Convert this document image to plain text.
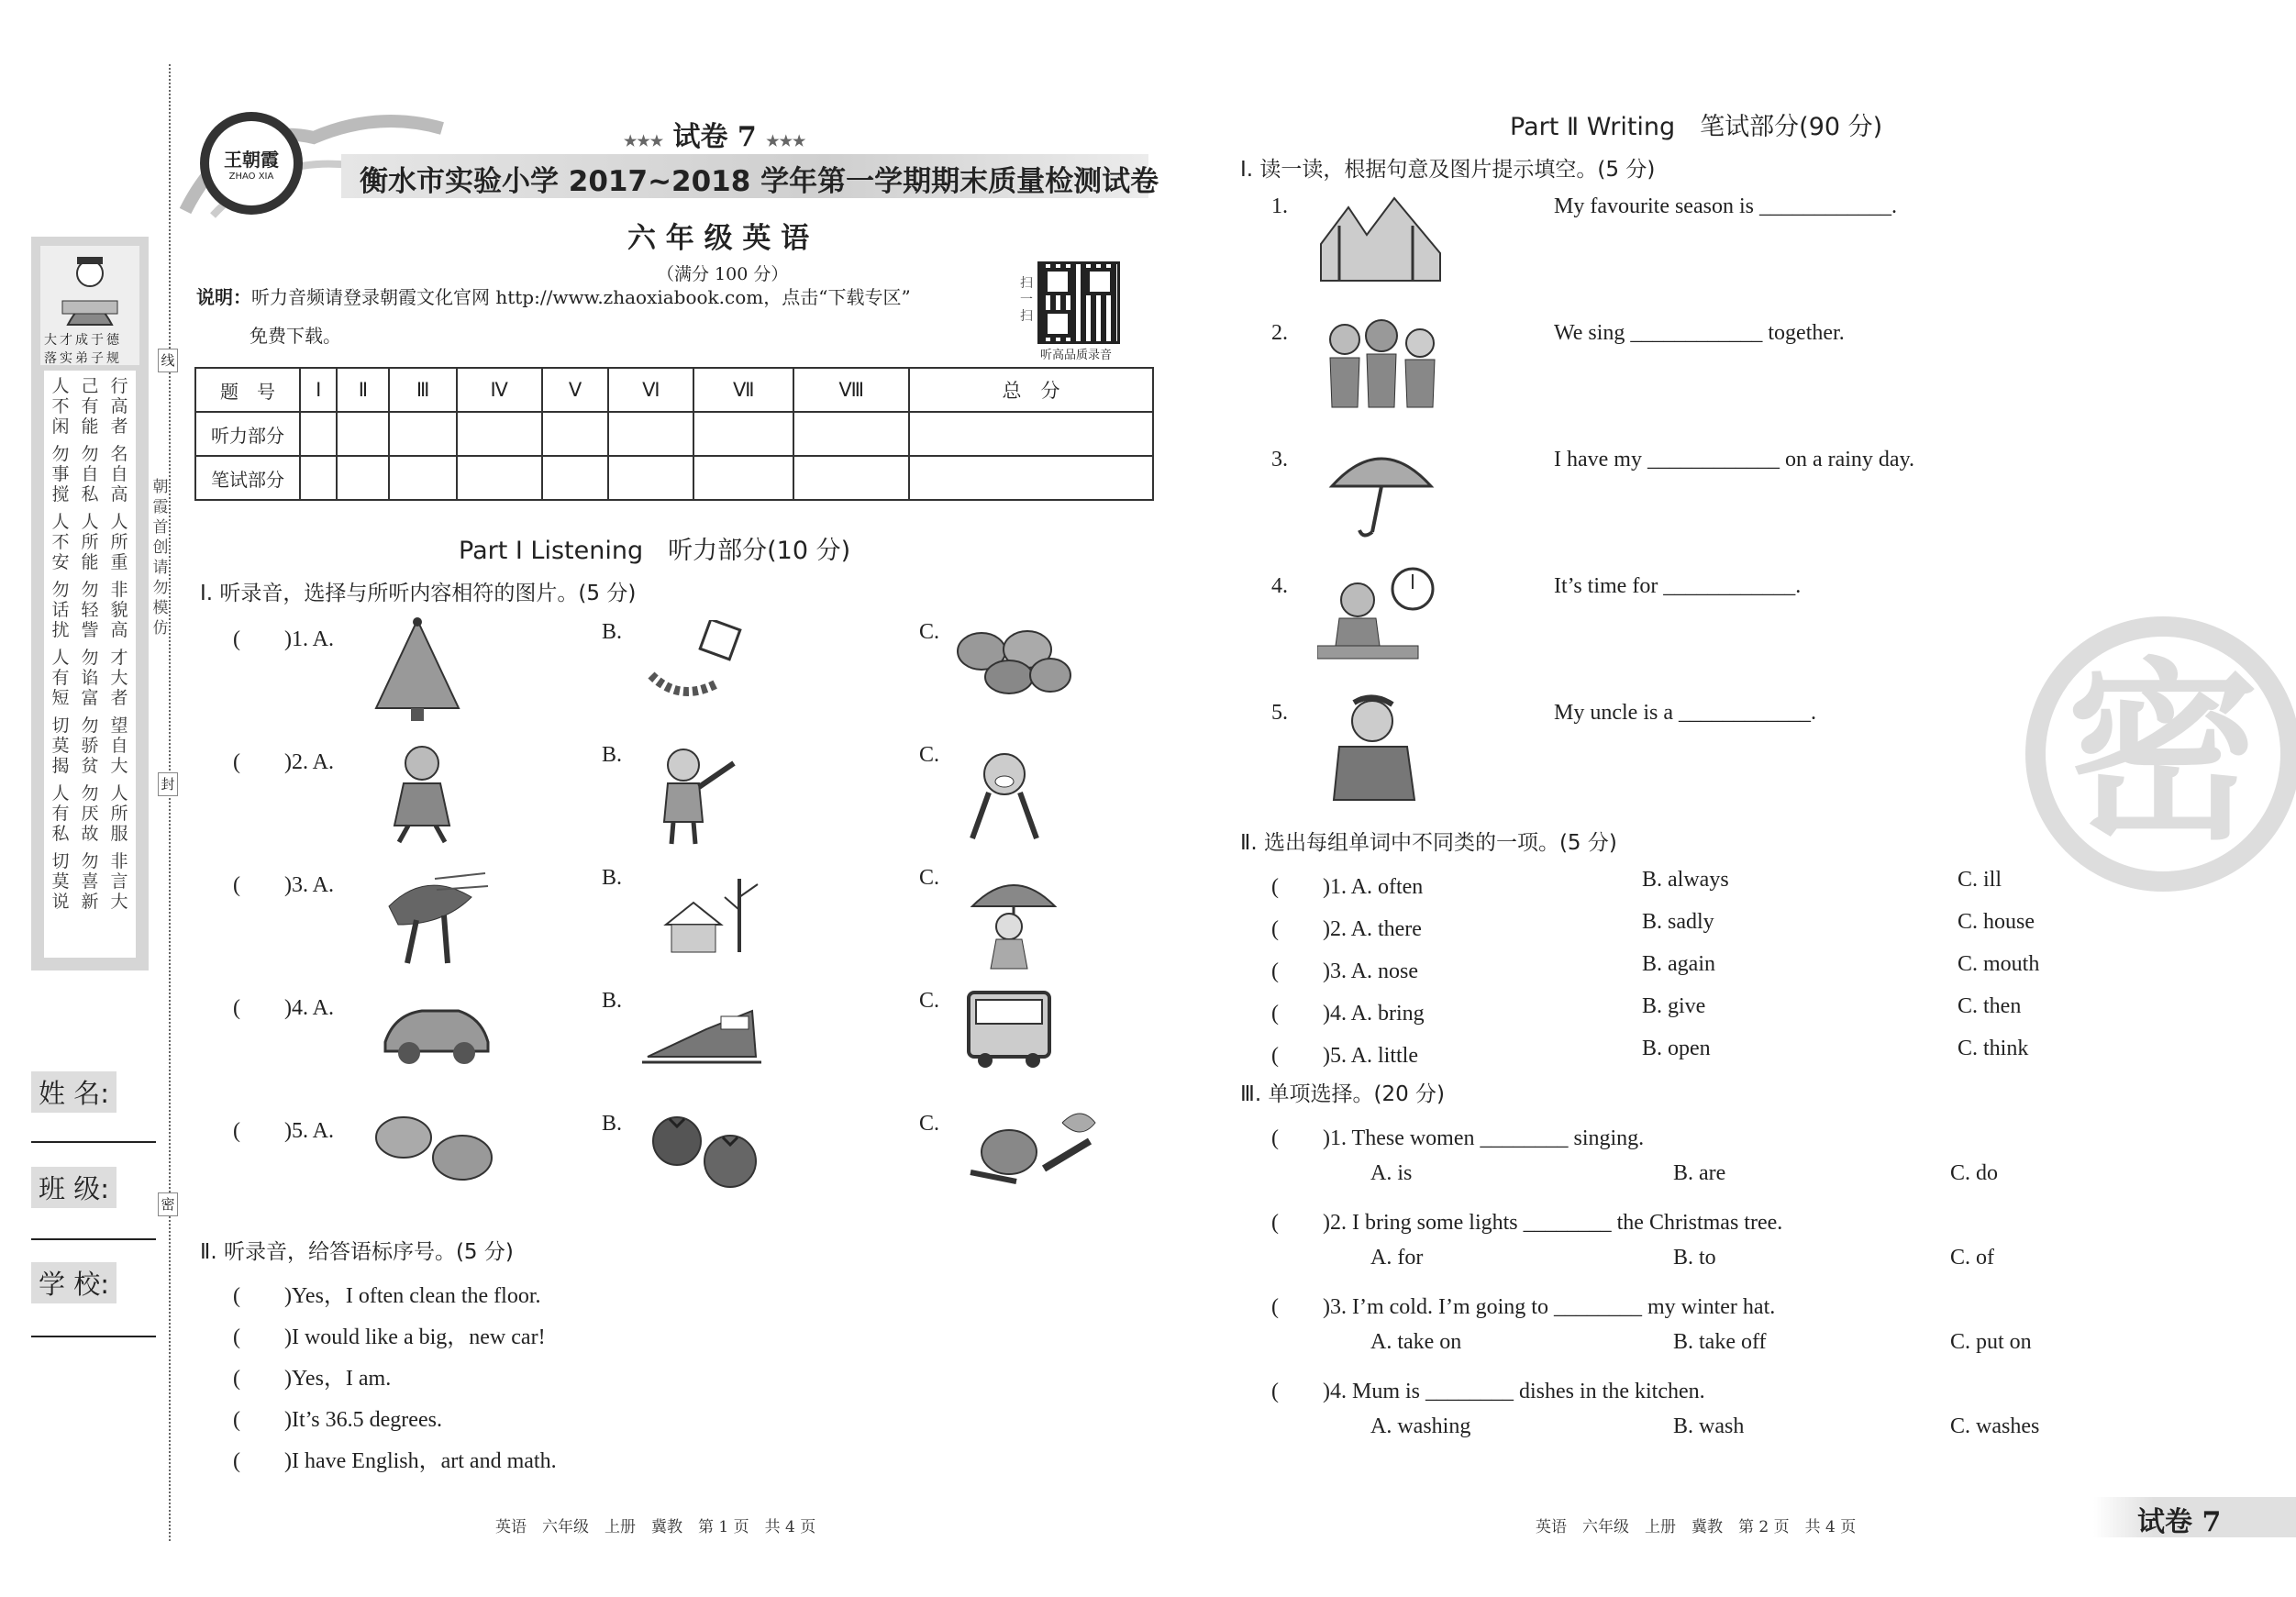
大才成于德
落实弟子规
人
不
闲
勿
事
搅
人
不
安
勿
话
扰
人
有
短
切
莫
揭
人
有
私
切
莫
说
己
有
能
勿
自
私
人
所
能
勿
轻
訾
勿
谄
富
勿
骄
贫
勿
厌
故
勿
喜
新
行
高
者
名
自
高
人
所
重
非
貌
高
才
大
者
望
自
大
人
所
服
非
言
大
线
封
密
朝霞首创 请勿模仿
姓 名:
班 级:
学 校:
王朝霞
ZHAO XIA
★★★ 试卷 7 ★★★
衡水市实验小学 2017~2018 学年第一学期期末质量检测试卷
六 年 级 英 语
（满分 100 分）
说明：听力音频请登录朝霞文化官网 http://www.zhaoxiabook.com，点击“下载专区”
免费下载。
扫一扫
听高品质录音
题　号	Ⅰ	Ⅱ	Ⅲ	Ⅳ	Ⅴ	Ⅵ	Ⅶ	Ⅷ	总　分
听力部分									
笔试部分									
Part Ⅰ Listening　听力部分(10 分)
Ⅰ. 听录音，选择与所听内容相符的图片。(5 分)
(　　)1. A.	B.	C.
(　　)2. A.	B.	C.
(　　)3. A.	B.	C.
(　　)4. A.	B.	C.
(　　)5. A.	B.	C.
Ⅱ. 听录音，给答语标序号。(5 分)
(　　)Yes，I often clean the floor.
(　　)I would like a big，new car!
(　　)Yes，I am.
(　　)It’s 36.5 degrees.
(　　)I have English，art and math.
英语　六年级　上册　冀教　第 1 页　共 4 页
Part Ⅱ Writing　笔试部分(90 分)
Ⅰ. 读一读，根据句意及图片提示填空。(5 分)
1.	My favourite season is ____________.
2.	We sing ____________ together.
3.	I have my ____________ on a rainy day.
4.	It’s time for ____________.
5.	My uncle is a ____________.
Ⅱ. 选出每组单词中不同类的一项。(5 分)
(　　)1. A. often	B. always	C. ill
(　　)2. A. there	B. sadly	C. house
(　　)3. A. nose	B. again	C. mouth
(　　)4. A. bring	B. give	C. then
(　　)5. A. little	B. open	C. think
Ⅲ. 单项选择。(20 分)
(　　)1. These women ________ singing.
A. is	B. are	C. do
(　　)2. I bring some lights ________ the Christmas tree.
A. for	B. to	C. of
(　　)3. I’m cold. I’m going to ________ my winter hat.
A. take on	B. take off	C. put on
(　　)4. Mum is ________ dishes in the kitchen.
A. washing	B. wash	C. washes
英语　六年级　上册　冀教　第 2 页　共 4 页
密
试卷 7
